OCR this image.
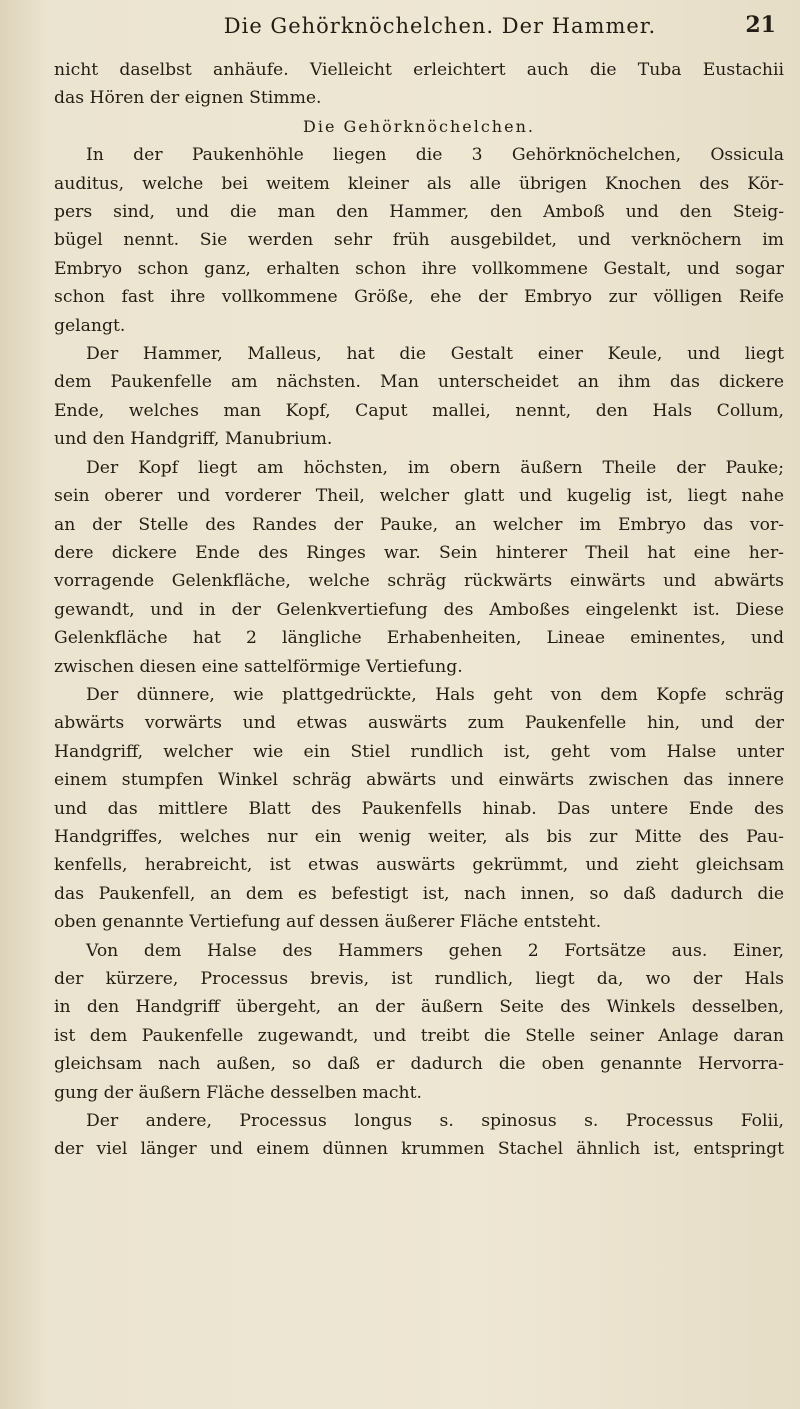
Die Gehörknöchelchen. Der Hammer.	21
nicht daselbst anhäufe. Vielleicht erleichtert auch die Tuba Eustachii
das Hören der eignen Stimme.
Die Gehörknöchelchen.
In der Paukenhöhle liegen die 3 Gehörknöchelchen, Ossicula
auditus, welche bei weitem kleiner als alle übrigen Knochen des Kör-
pers sind, und die man den Hammer, den Amboß und den Steig-
bügel nennt. Sie werden sehr früh ausgebildet, und verknöchern im
Embryo schon ganz, erhalten schon ihre vollkommene Gestalt, und sogar
schon fast ihre vollkommene Größe, ehe der Embryo zur völligen Reife
gelangt.
Der Hammer, Malleus, hat die Gestalt einer Keule, und liegt
dem Paukenfelle am nächsten. Man unterscheidet an ihm das dickere
Ende, welches man Kopf, Caput mallei, nennt, den Hals Collum,
und den Handgriff, Manubrium.
Der Kopf liegt am höchsten, im obern äußern Theile der Pauke;
sein oberer und vorderer Theil, welcher glatt und kugelig ist, liegt nahe
an der Stelle des Randes der Pauke, an welcher im Embryo das vor-
dere dickere Ende des Ringes war. Sein hinterer Theil hat eine her-
vorragende Gelenkfläche, welche schräg rückwärts einwärts und abwärts
gewandt, und in der Gelenkvertiefung des Amboßes eingelenkt ist. Diese
Gelenkfläche hat 2 längliche Erhabenheiten, Lineae eminentes, und
zwischen diesen eine sattelförmige Vertiefung.
Der dünnere, wie plattgedrückte, Hals geht von dem Kopfe schräg
abwärts vorwärts und etwas auswärts zum Paukenfelle hin, und der
Handgriff, welcher wie ein Stiel rundlich ist, geht vom Halse unter
einem stumpfen Winkel schräg abwärts und einwärts zwischen das innere
und das mittlere Blatt des Paukenfells hinab. Das untere Ende des
Handgriffes, welches nur ein wenig weiter, als bis zur Mitte des Pau-
kenfells, herabreicht, ist etwas auswärts gekrümmt, und zieht gleichsam
das Paukenfell, an dem es befestigt ist, nach innen, so daß dadurch die
oben genannte Vertiefung auf dessen äußerer Fläche entsteht.
Von dem Halse des Hammers gehen 2 Fortsätze aus. Einer,
der kürzere, Processus brevis, ist rundlich, liegt da, wo der Hals
in den Handgriff übergeht, an der äußern Seite des Winkels desselben,
ist dem Paukenfelle zugewandt, und treibt die Stelle seiner Anlage daran
gleichsam nach außen, so daß er dadurch die oben genannte Hervorra-
gung der äußern Fläche desselben macht.
Der andere, Processus longus s. spinosus s. Processus Folii,
der viel länger und einem dünnen krummen Stachel ähnlich ist, entspringt
